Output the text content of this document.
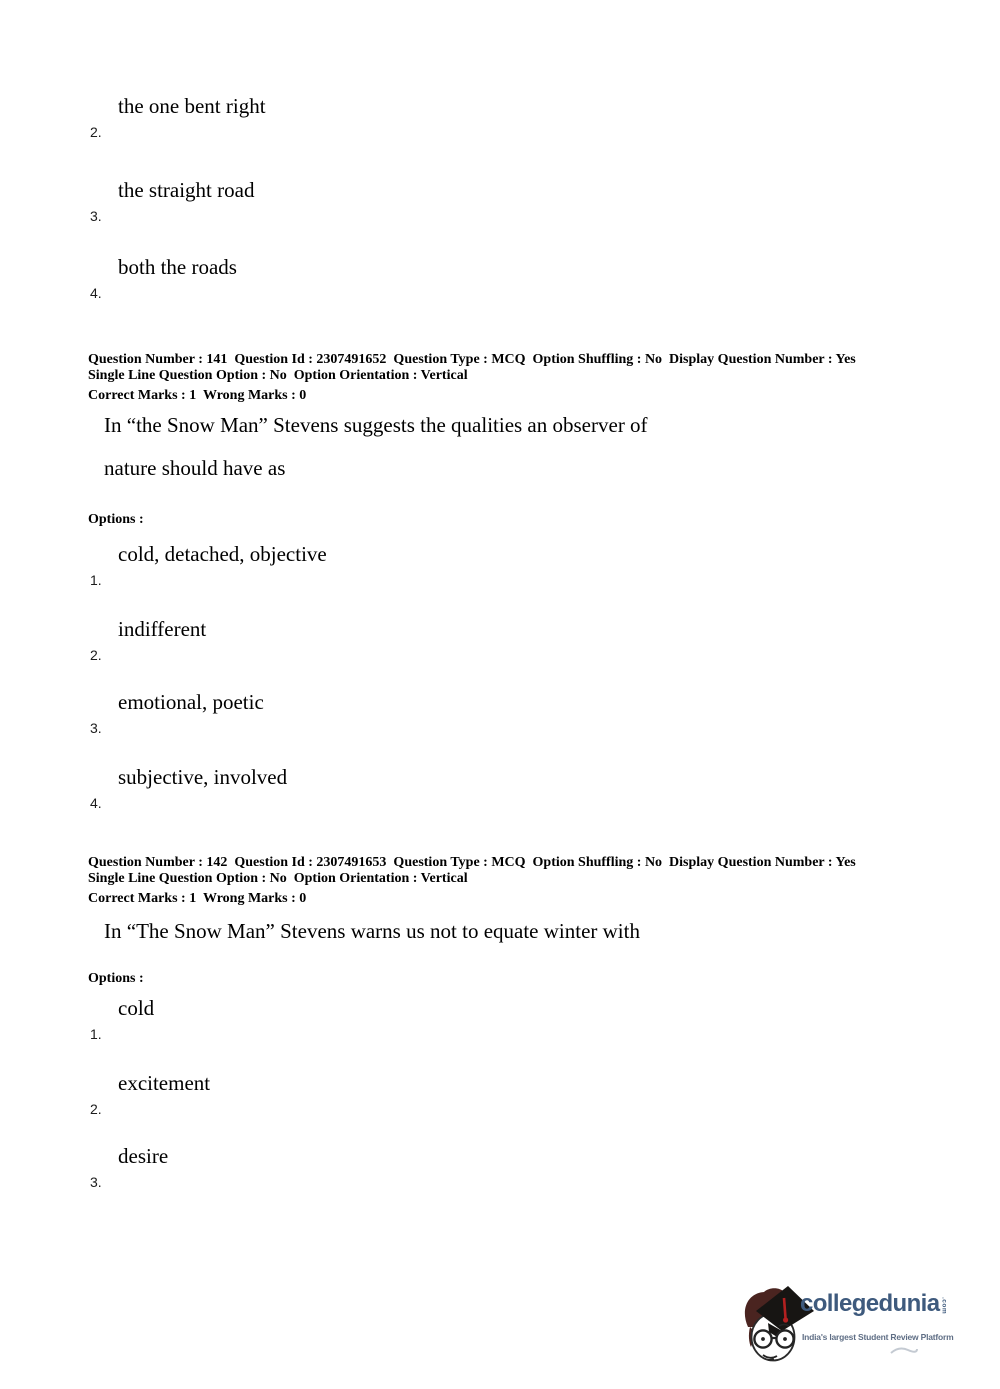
2.
the one bent right
3.
the straight road
4.
both the roads
Question Number : 141  Question Id : 2307491652  Question Type : MCQ  Option Shuffling : No  Display Question Number : Yes
Single Line Question Option : No  Option Orientation : Vertical
Correct Marks : 1  Wrong Marks : 0
In “the Snow Man” Stevens suggests the qualities an observer of
nature should have as
Options :
1.
cold, detached, objective
2.
indifferent
3.
emotional, poetic
4.
subjective, involved
Question Number : 142  Question Id : 2307491653  Question Type : MCQ  Option Shuffling : No  Display Question Number : Yes
Single Line Question Option : No  Option Orientation : Vertical
Correct Marks : 1  Wrong Marks : 0
In “The Snow Man” Stevens warns us not to equate winter with
Options :
1.
cold
2.
excitement
3.
desire
collegedunia .com
India's largest Student Review Platform
